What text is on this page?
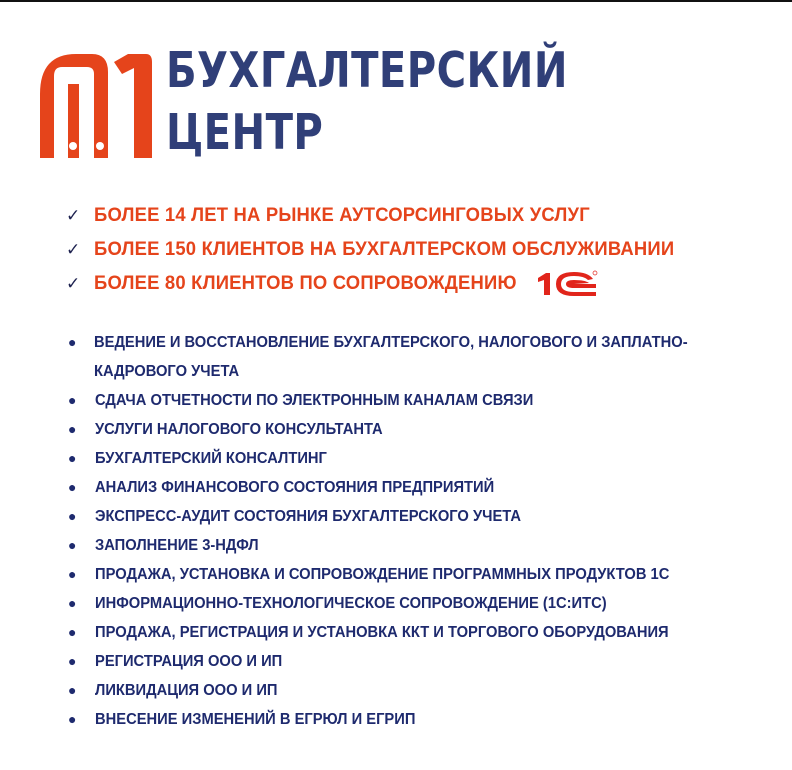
БУХГАЛТЕРСКИЙ
ЦЕНТР
✓ БОЛЕЕ 14 ЛЕТ НА РЫНКЕ АУТСОРСИНГОВЫХ УСЛУГ
✓ БОЛЕЕ 150 КЛИЕНТОВ НА БУХГАЛТЕРСКОМ ОБСЛУЖИВАНИИ
✓ БОЛЕЕ 80 КЛИЕНТОВ ПО СОПРОВОЖДЕНИЮ
●	ВЕДЕНИЕ И ВОССТАНОВЛЕНИЕ БУХГАЛТЕРСКОГО, НАЛОГОВОГО И ЗАПЛАТНО-КАДРОВОГО УЧЕТА
●	СДАЧА ОТЧЕТНОСТИ ПО ЭЛЕКТРОННЫМ КАНАЛАМ СВЯЗИ
●	УСЛУГИ НАЛОГОВОГО КОНСУЛЬТАНТА
●	БУХГАЛТЕРСКИЙ КОНСАЛТИНГ
●	АНАЛИЗ ФИНАНСОВОГО СОСТОЯНИЯ ПРЕДПРИЯТИЙ
●	ЭКСПРЕСС-АУДИТ СОСТОЯНИЯ БУХГАЛТЕРСКОГО УЧЕТА
●	ЗАПОЛНЕНИЕ 3-НДФЛ
●	ПРОДАЖА, УСТАНОВКА И СОПРОВОЖДЕНИЕ ПРОГРАММНЫХ ПРОДУКТОВ 1С
●	ИНФОРМАЦИОННО-ТЕХНОЛОГИЧЕСКОЕ СОПРОВОЖДЕНИЕ (1С:ИТС)
●	ПРОДАЖА, РЕГИСТРАЦИЯ И УСТАНОВКА ККТ И ТОРГОВОГО ОБОРУДОВАНИЯ
●	РЕГИСТРАЦИЯ ООО И ИП
●	ЛИКВИДАЦИЯ ООО И ИП
●	ВНЕСЕНИЕ ИЗМЕНЕНИЙ В ЕГРЮЛ И ЕГРИП
